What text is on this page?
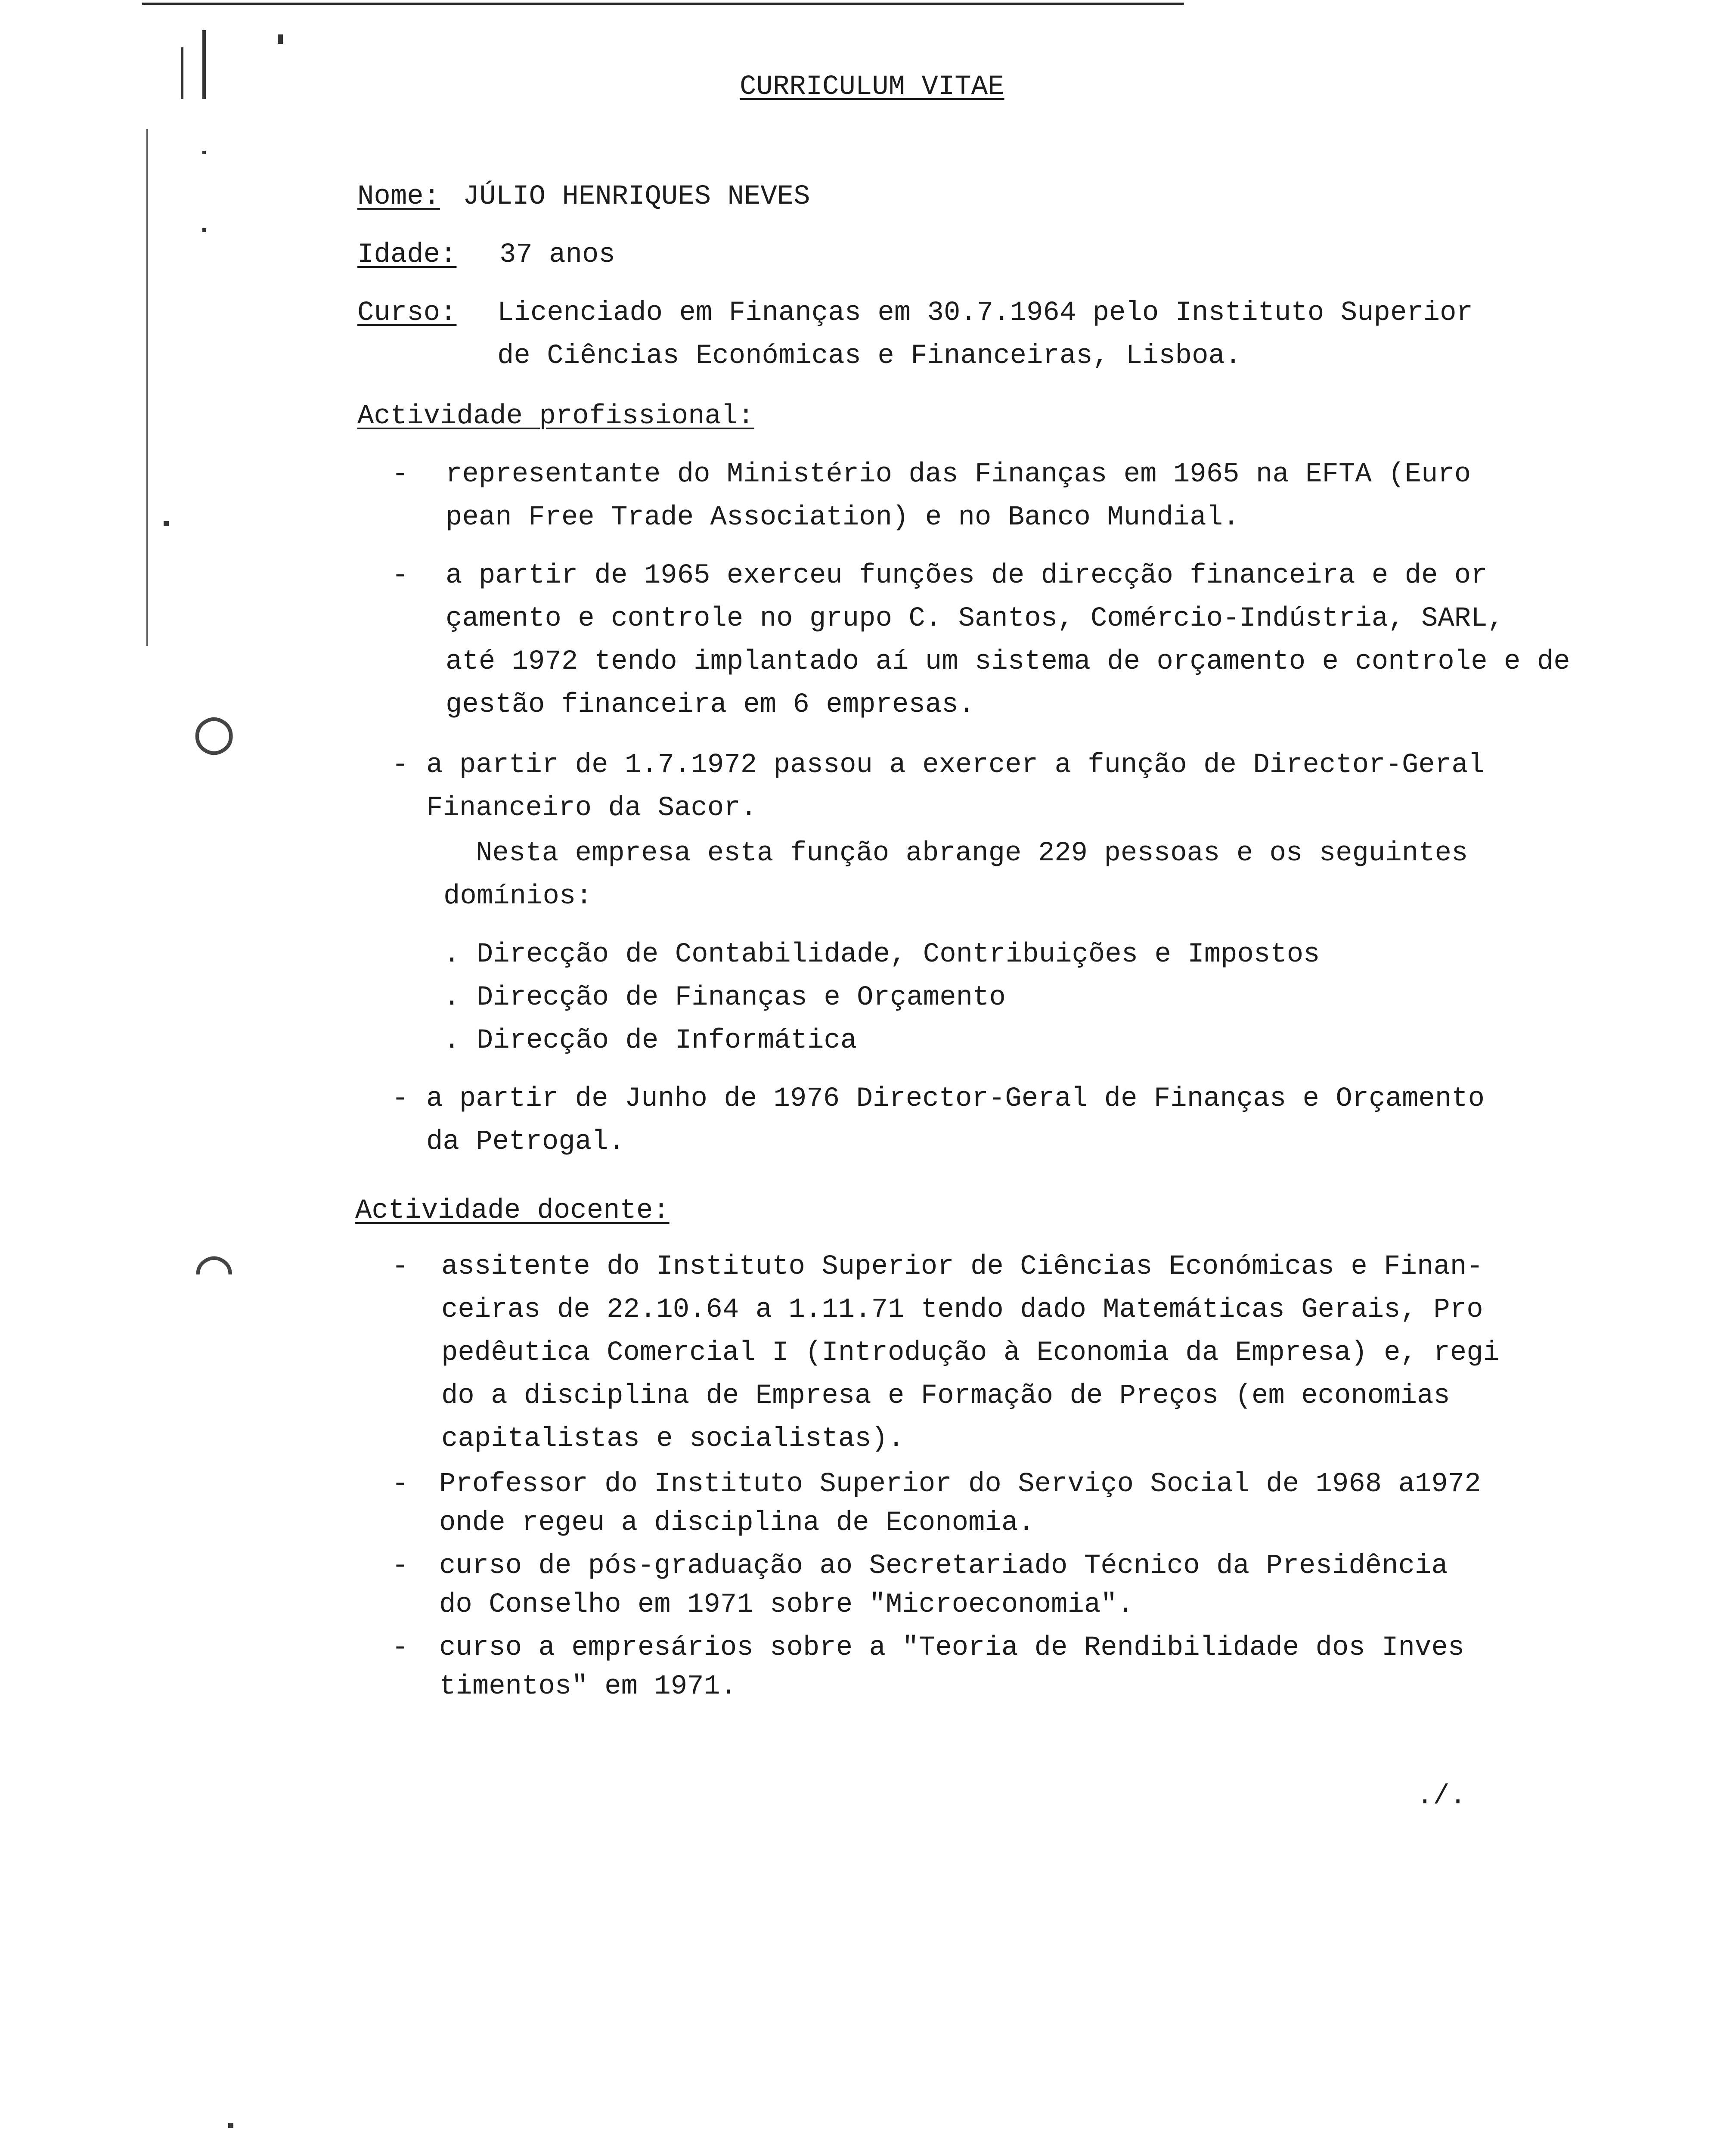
◯
◠
CURRICULUM VITAE
Nome: JÚLIO HENRIQUES NEVES
Idade: 37 anos
Curso: Licenciado em Finanças em 30.7.1964 pelo Instituto Superior
de Ciências Económicas e Financeiras, Lisboa.
Actividade profissional:
- representante do Ministério das Finanças em 1965 na EFTA (Euro
pean Free Trade Association) e no Banco Mundial.
- a partir de 1965 exerceu funções de direcção financeira e de or
çamento e controle no grupo C. Santos, Comércio-Indústria, SARL,
até 1972 tendo implantado aí um sistema de orçamento e controle e de
gestão financeira em 6 empresas.
- a partir de 1.7.1972 passou a exercer a função de Director-Geral
Financeiro da Sacor.
Nesta empresa esta função abrange 229 pessoas e os seguintes
domínios:
. Direcção de Contabilidade, Contribuições e Impostos
. Direcção de Finanças e Orçamento
. Direcção de Informática
- a partir de Junho de 1976 Director-Geral de Finanças e Orçamento
da Petrogal.
Actividade docente:
- assitente do Instituto Superior de Ciências Económicas e Finan-
ceiras de 22.10.64 a 1.11.71 tendo dado Matemáticas Gerais, Pro
pedêutica Comercial I (Introdução à Economia da Empresa) e, regi
do a disciplina de Empresa e Formação de Preços (em economias
capitalistas e socialistas).
- Professor do Instituto Superior do Serviço Social de 1968 a1972
onde regeu a disciplina de Economia.
- curso de pós-graduação ao Secretariado Técnico da Presidência
do Conselho em 1971 sobre "Microeconomia".
- curso a empresários sobre a "Teoria de Rendibilidade dos Inves
timentos" em 1971.
./.
